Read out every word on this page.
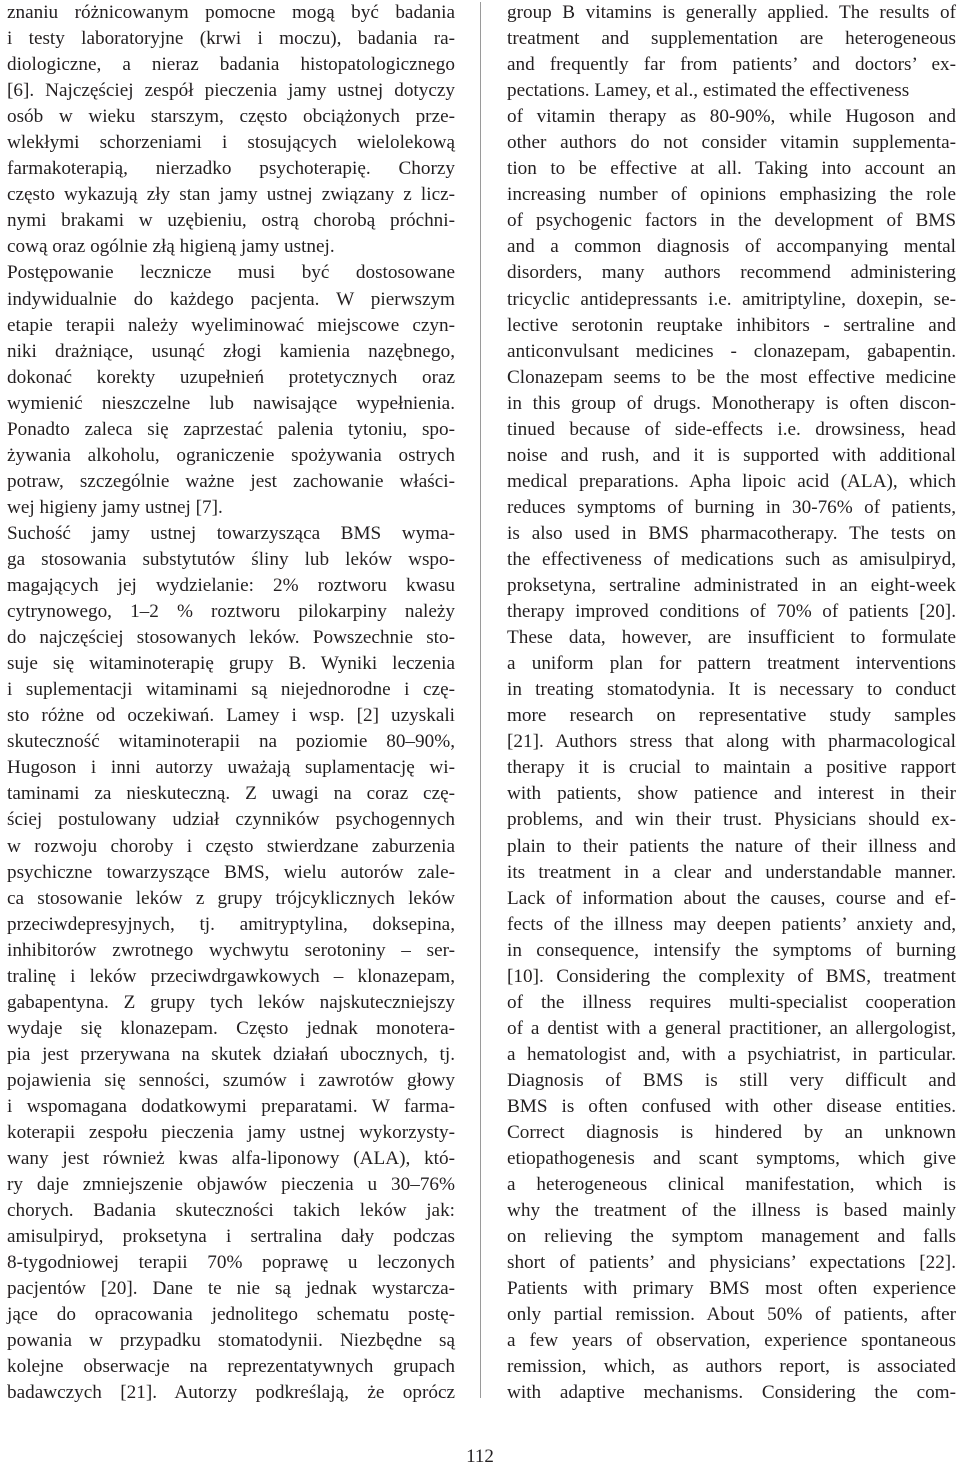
znaniu różnicowanym pomocne mogą być badania
i testy laboratoryjne (krwi i moczu), badania ra-
diologiczne, a nieraz badania histopatologicznego
[6]. Najczęściej zespół pieczenia jamy ustnej dotyczy
osób w wieku starszym, często obciążonych prze-
wlekłymi schorzeniami i stosujących wielolekową
farmakoterapią, nierzadko psychoterapię. Chorzy
często wykazują zły stan jamy ustnej związany z licz-
nymi brakami w uzębieniu, ostrą chorobą próchni-
cową oraz ogólnie złą higieną jamy ustnej.
Postępowanie lecznicze musi być dostosowane
indywidualnie do każdego pacjenta. W pierwszym
etapie terapii należy wyeliminować miejscowe czyn-
niki drażniące, usunąć złogi kamienia nazębnego,
dokonać korekty uzupełnień protetycznych oraz
wymienić nieszczelne lub nawisające wypełnienia.
Ponadto zaleca się zaprzestać palenia tytoniu, spo-
żywania alkoholu, ograniczenie spożywania ostrych
potraw, szczególnie ważne jest zachowanie właści-
wej higieny jamy ustnej [7].
Suchość jamy ustnej towarzysząca BMS wyma-
ga stosowania substytutów śliny lub leków wspo-
magających jej wydzielanie: 2% roztworu kwasu
cytrynowego, 1–2 % roztworu pilokarpiny należy
do najczęściej stosowanych leków. Powszechnie sto-
suje się witaminoterapię grupy B. Wyniki leczenia
i suplementacji witaminami są niejednorodne i czę-
sto różne od oczekiwań. Lamey i wsp. [2] uzyskali
skuteczność witaminoterapii na poziomie 80–90%,
Hugoson i inni autorzy uważają suplamentację wi-
taminami za nieskuteczną. Z uwagi na coraz czę-
ściej postulowany udział czynników psychogennych
w rozwoju choroby i często stwierdzane zaburzenia
psychiczne towarzyszące BMS, wielu autorów zale-
ca stosowanie leków z grupy trójcyklicznych leków
przeciwdepresyjnych, tj. amitryptylina, doksepina,
inhibitorów zwrotnego wychwytu serotoniny – ser-
tralinę i leków przeciwdrgawkowych – klonazepam,
gabapentyna. Z grupy tych leków najskuteczniejszy
wydaje się klonazepam. Często jednak monotera-
pia jest przerywana na skutek działań ubocznych, tj.
pojawienia się senności, szumów i zawrotów głowy
i wspomagana dodatkowymi preparatami. W farma-
koterapii zespołu pieczenia jamy ustnej wykorzysty-
wany jest również kwas alfa-liponowy (ALA), któ-
ry daje zmniejszenie objawów pieczenia u 30–76%
chorych. Badania skuteczności takich leków jak:
amisulpiryd, proksetyna i sertralina dały podczas
8-tygodniowej terapii 70% poprawę u leczonych
pacjentów [20]. Dane te nie są jednak wystarcza-
jące do opracowania jednolitego schematu postę-
powania w przypadku stomatodynii. Niezbędne są
kolejne obserwacje na reprezentatywnych grupach
badawczych [21]. Autorzy podkreślają, że oprócz
group B vitamins is generally applied. The results of
treatment and supplementation are heterogeneous
and frequently far from patients’ and doctors’ ex-
pectations. Lamey, et al., estimated the effectiveness
of vitamin therapy as 80-90%, while Hugoson and
other authors do not consider vitamin supplementa-
tion to be effective at all. Taking into account an
increasing number of opinions emphasizing the role
of psychogenic factors in the development of BMS
and a common diagnosis of accompanying mental
disorders, many authors recommend administering
tricyclic antidepressants i.e. amitriptyline, doxepin, se-
lective serotonin reuptake inhibitors - sertraline and
anticonvulsant medicines - clonazepam, gabapentin.
Clonazepam seems to be the most effective medicine
in this group of drugs. Monotherapy is often discon-
tinued because of side-effects i.e. drowsiness, head
noise and rush, and it is supported with additional
medical preparations. Apha lipoic acid (ALA), which
reduces symptoms of burning in 30-76% of patients,
is also used in BMS pharmacotherapy. The tests on
the effectiveness of medications such as amisulpiryd,
proksetyna, sertraline administrated in an eight-week
therapy improved conditions of 70% of patients [20].
These data, however, are insufficient to formulate
a uniform plan for pattern treatment interventions
in treating stomatodynia. It is necessary to conduct
more research on representative study samples
[21]. Authors stress that along with pharmacological
therapy it is crucial to maintain a positive rapport
with patients, show patience and interest in their
problems, and win their trust. Physicians should ex-
plain to their patients the nature of their illness and
its treatment in a clear and understandable manner.
Lack of information about the causes, course and ef-
fects of the illness may deepen patients’ anxiety and,
in consequence, intensify the symptoms of burning
[10]. Considering the complexity of BMS, treatment
of the illness requires multi-specialist cooperation
of a dentist with a general practitioner, an allergologist,
a hematologist and, with a psychiatrist, in particular.
Diagnosis of BMS is still very difficult and
BMS is often confused with other disease entities.
Correct diagnosis is hindered by an unknown
etiopathogenesis and scant symptoms, which give
a heterogeneous clinical manifestation, which is
why the treatment of the illness is based mainly
on relieving the symptom management and falls
short of patients’ and physicians’ expectations [22].
Patients with primary BMS most often experience
only partial remission. About 50% of patients, after
a few years of observation, experience spontaneous
remission, which, as authors report, is associated
with adaptive mechanisms. Considering the com-
112
